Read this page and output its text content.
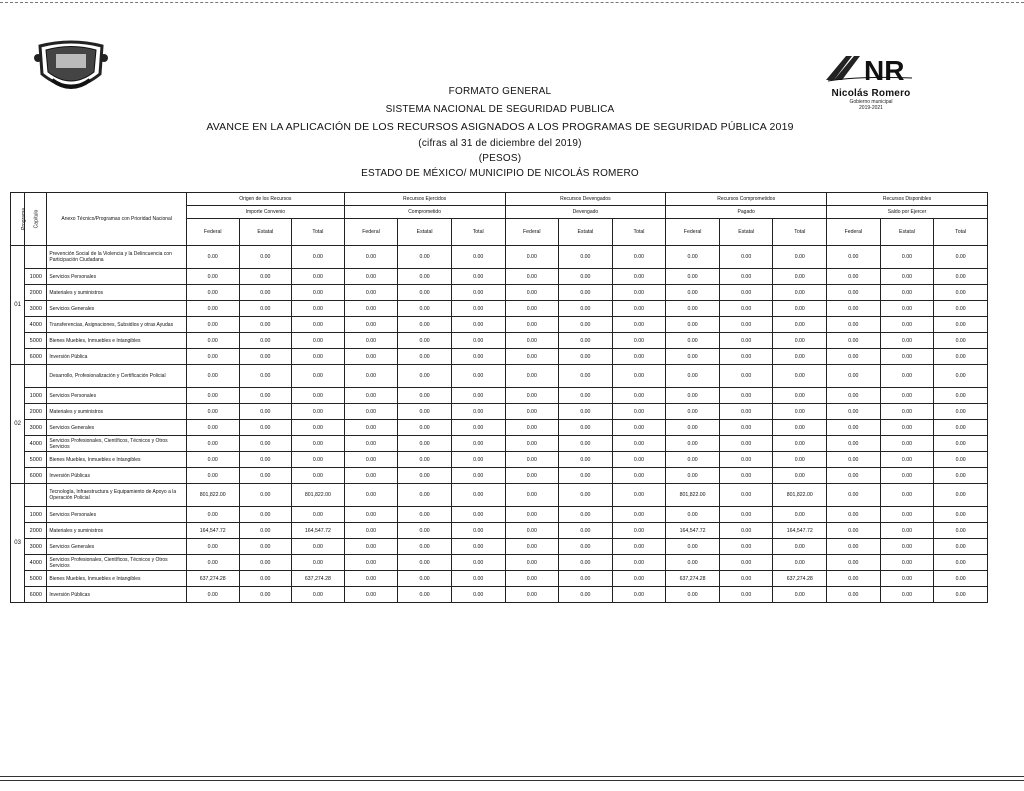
NR
Nicolás Romero
Gobierno municipal
2019-2021
FORMATO GENERAL
SISTEMA NACIONAL DE SEGURIDAD PUBLICA
AVANCE EN LA APLICACIÓN DE LOS RECURSOS ASIGNADOS A LOS PROGRAMAS DE SEGURIDAD PÚBLICA 2019
(cifras al 31 de diciembre del 2019)
(PESOS)
ESTADO DE MÉXICO/ MUNICIPIO DE NICOLÁS ROMERO
Programa	Capítulo	Anexo Técnico/Programas con Prioridad Nacional	Origen de los Recursos			Recursos Ejercidos			Recursos Devengados			Recursos Comprometidos			Recursos Disponibles		
			Importe Convenio			Comprometido			Devengado			Pagado			Saldo por Ejercer		
			Federal	Estatal	Total	Federal	Estatal	Total	Federal	Estatal	Total	Federal	Estatal	Total	Federal	Estatal	Total
01		Prevención Social de la Violencia y la Delincuencia con Participación Ciudadana	0.00	0.00	0.00	0.00	0.00	0.00	0.00	0.00	0.00	0.00	0.00	0.00	0.00	0.00	0.00
	1000	Servicios Personales	0.00	0.00	0.00	0.00	0.00	0.00	0.00	0.00	0.00	0.00	0.00	0.00	0.00	0.00	0.00
	2000	Materiales y suministros	0.00	0.00	0.00	0.00	0.00	0.00	0.00	0.00	0.00	0.00	0.00	0.00	0.00	0.00	0.00
	3000	Servicios Generales	0.00	0.00	0.00	0.00	0.00	0.00	0.00	0.00	0.00	0.00	0.00	0.00	0.00	0.00	0.00
	4000	Transferencias, Asignaciones, Subsidios y otras Ayudas	0.00	0.00	0.00	0.00	0.00	0.00	0.00	0.00	0.00	0.00	0.00	0.00	0.00	0.00	0.00
	5000	Bienes Muebles, Inmuebles e Intangibles	0.00	0.00	0.00	0.00	0.00	0.00	0.00	0.00	0.00	0.00	0.00	0.00	0.00	0.00	0.00
	6000	Inversión Pública	0.00	0.00	0.00	0.00	0.00	0.00	0.00	0.00	0.00	0.00	0.00	0.00	0.00	0.00	0.00
02		Desarrollo, Profesionalización y Certificación Policial	0.00	0.00	0.00	0.00	0.00	0.00	0.00	0.00	0.00	0.00	0.00	0.00	0.00	0.00	0.00
	1000	Servicios Personales	0.00	0.00	0.00	0.00	0.00	0.00	0.00	0.00	0.00	0.00	0.00	0.00	0.00	0.00	0.00
	2000	Materiales y suministros	0.00	0.00	0.00	0.00	0.00	0.00	0.00	0.00	0.00	0.00	0.00	0.00	0.00	0.00	0.00
	3000	Servicios Generales	0.00	0.00	0.00	0.00	0.00	0.00	0.00	0.00	0.00	0.00	0.00	0.00	0.00	0.00	0.00
	4000	Servicios Profesionales, Científicos, Técnicos y Otros Servicios	0.00	0.00	0.00	0.00	0.00	0.00	0.00	0.00	0.00	0.00	0.00	0.00	0.00	0.00	0.00
	5000	Bienes Muebles, Inmuebles e Intangibles	0.00	0.00	0.00	0.00	0.00	0.00	0.00	0.00	0.00	0.00	0.00	0.00	0.00	0.00	0.00
	6000	Inversión Públicas	0.00	0.00	0.00	0.00	0.00	0.00	0.00	0.00	0.00	0.00	0.00	0.00	0.00	0.00	0.00
03		Tecnología, Infraestructura y Equipamiento de Apoyo a la Operación Policial	801,822.00	0.00	801,822.00	0.00	0.00	0.00	0.00	0.00	0.00	801,822.00	0.00	801,822.00	0.00	0.00	0.00
	1000	Servicios Personales	0.00	0.00	0.00	0.00	0.00	0.00	0.00	0.00	0.00	0.00	0.00	0.00	0.00	0.00	0.00
	2000	Materiales y suministros	164,547.72	0.00	164,547.72	0.00	0.00	0.00	0.00	0.00	0.00	164,547.72	0.00	164,547.72	0.00	0.00	0.00
	3000	Servicios Generales	0.00	0.00	0.00	0.00	0.00	0.00	0.00	0.00	0.00	0.00	0.00	0.00	0.00	0.00	0.00
	4000	Servicios Profesionales, Científicos, Técnicos y Otros Servicios	0.00	0.00	0.00	0.00	0.00	0.00	0.00	0.00	0.00	0.00	0.00	0.00	0.00	0.00	0.00
	5000	Bienes Muebles, Inmuebles e Intangibles	637,274.28	0.00	637,274.28	0.00	0.00	0.00	0.00	0.00	0.00	637,274.28	0.00	637,274.28	0.00	0.00	0.00
	6000	Inversión Públicas	0.00	0.00	0.00	0.00	0.00	0.00	0.00	0.00	0.00	0.00	0.00	0.00	0.00	0.00	0.00
